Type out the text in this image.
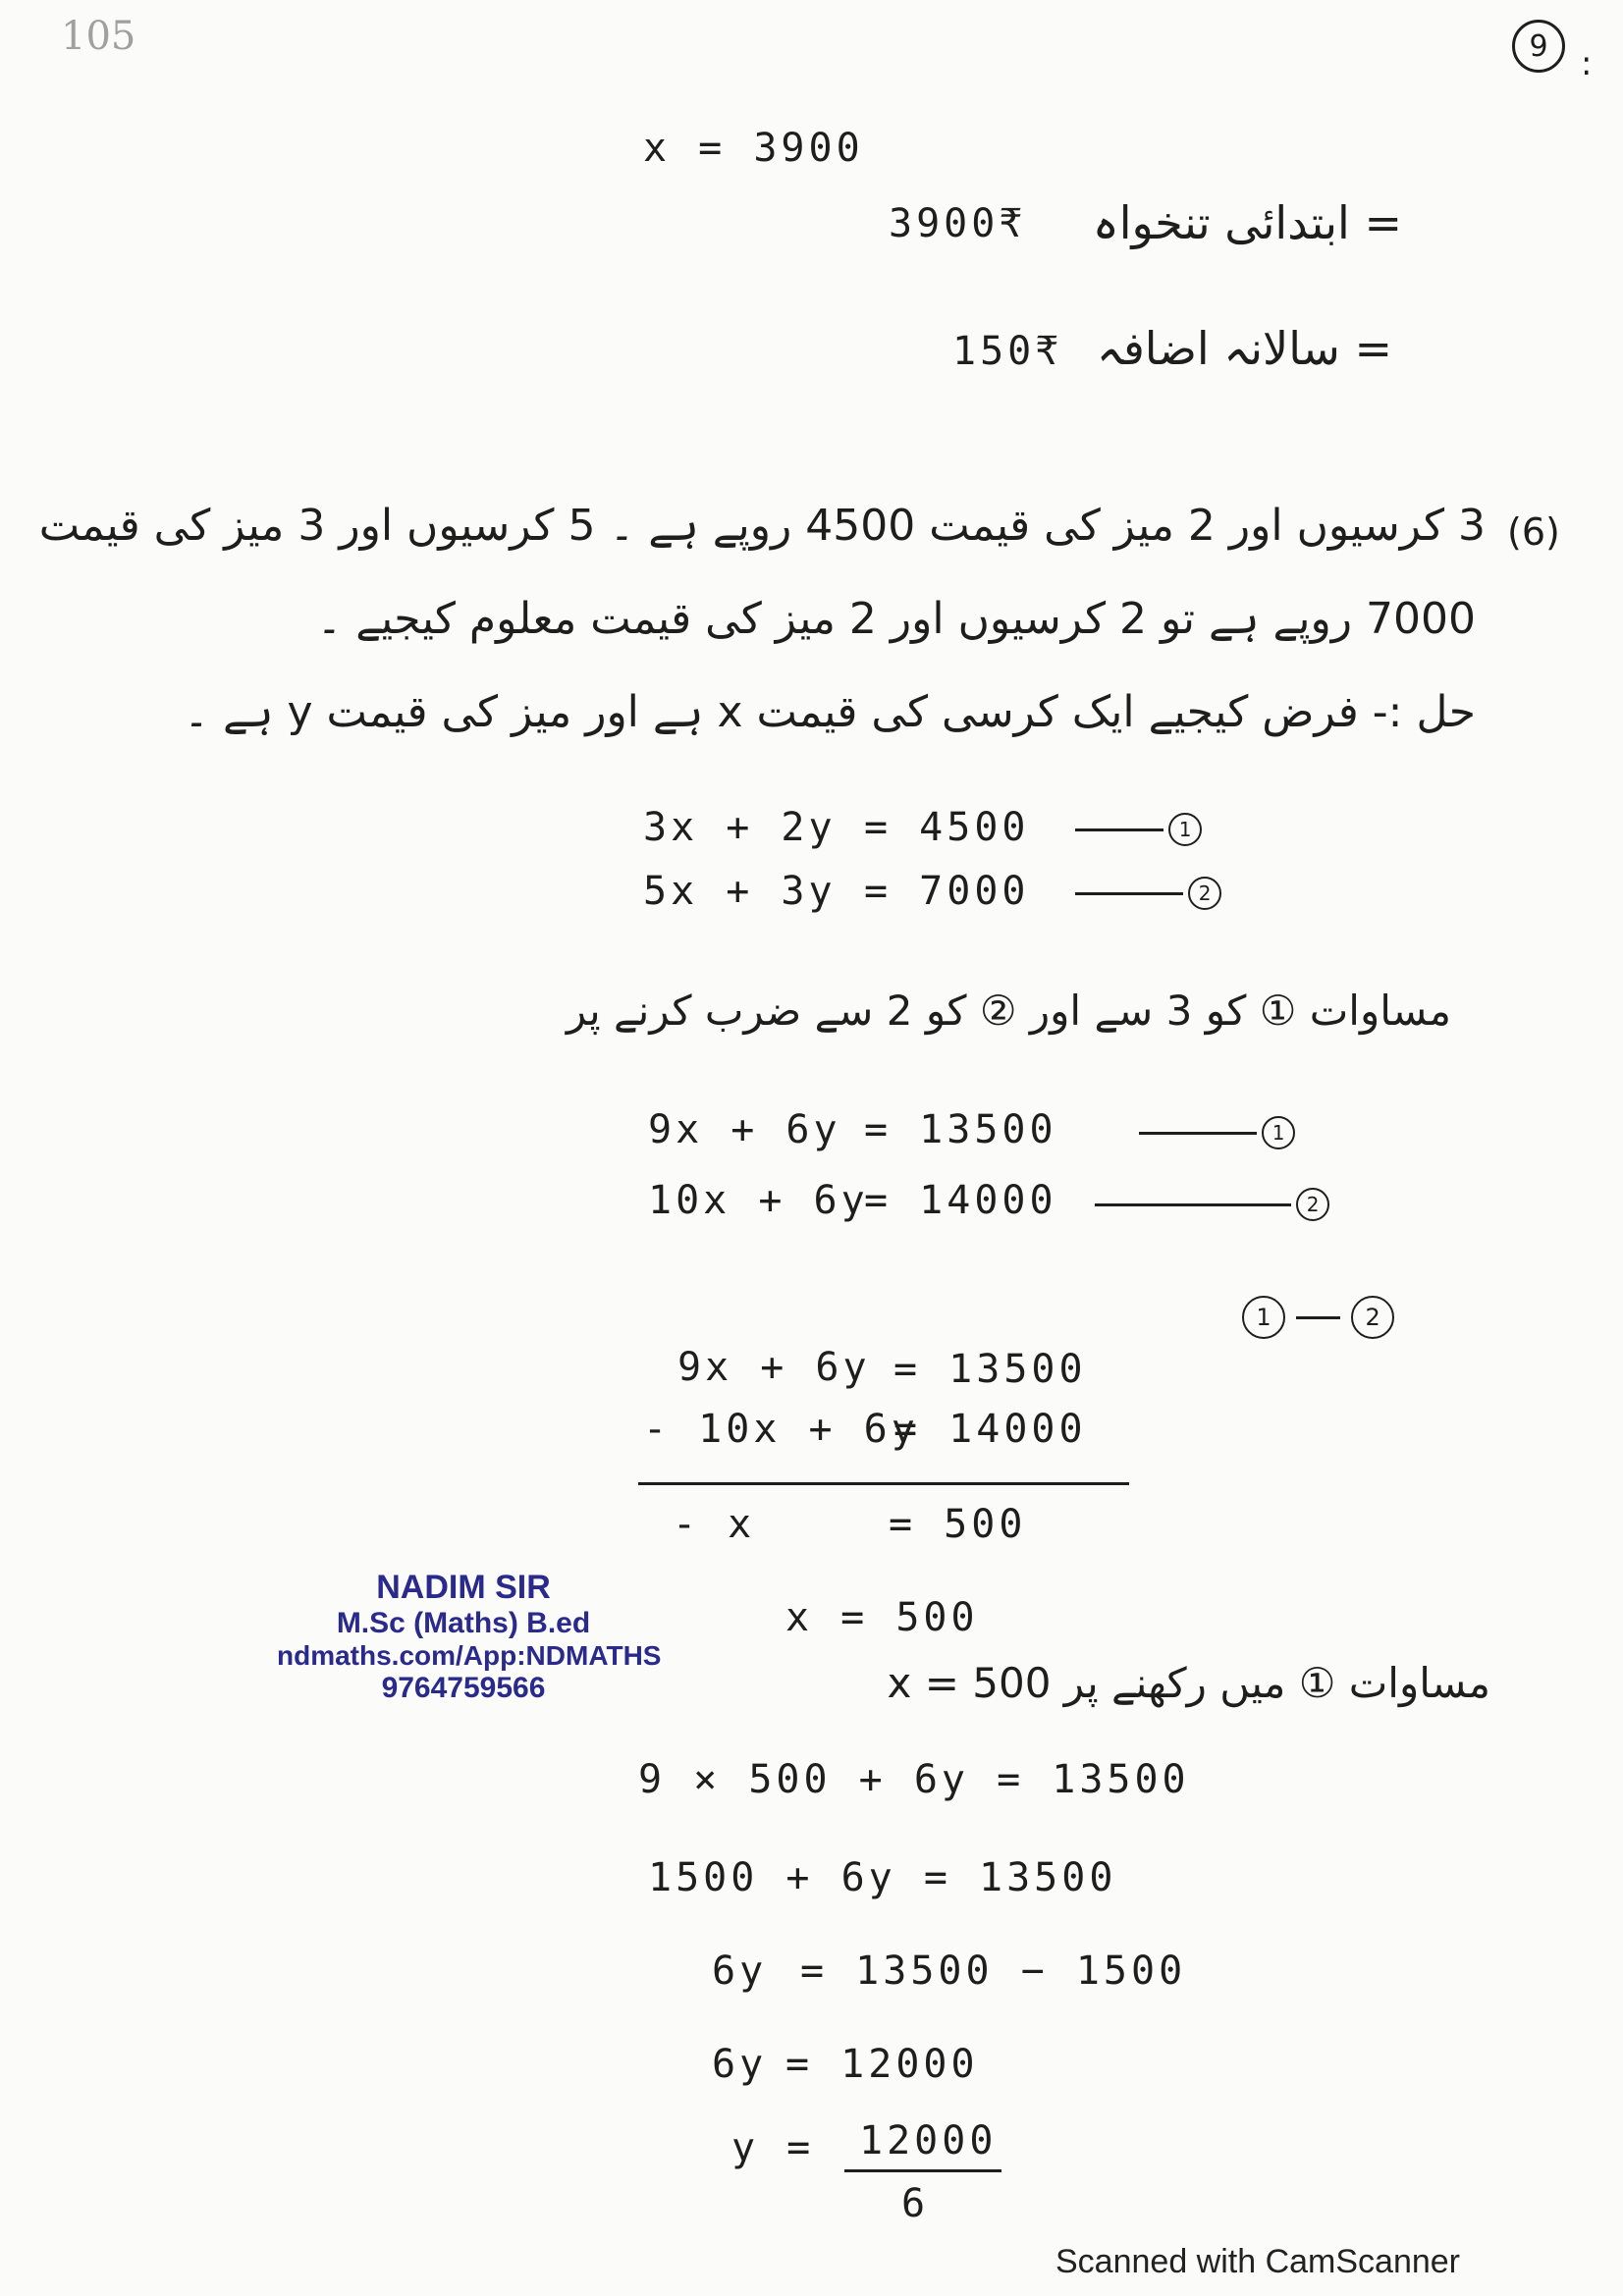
105	9 :
x = 3900
3900₹ = ابتدائی تنخواہ
150₹ = سالانہ اضافہ
(6)
3 کرسیوں اور 2 میز کی قیمت 4500 روپے ہے ۔ 5 کرسیوں اور 3 میز کی قیمت
7000 روپے ہے تو 2 کرسیوں اور 2 میز کی قیمت معلوم کیجیے ۔
حل :- فرض کیجیے ایک کرسی کی قیمت x ہے اور میز کی قیمت y ہے ۔
3x + 2y = 4500	1
5x + 3y = 7000	2
مساوات ① کو 3 سے اور ② کو 2 سے ضرب کرنے پر
9x + 6y = 13500	1
10x + 6y
= 14000	2
1	2
9x + 6y = 13500
- 10x + 6y
= 14000
- x	= 500
NADIM SIR
M.Sc (Maths) B.ed
ndmaths.com/App:NDMATHS
9764759566
x = 500
x = 500 مساوات ① میں رکھنے پر
9 × 500 + 6y = 13500
1500 + 6y = 13500
6y = 13500 − 1500
6y = 12000
y = 12000
6
Scanned with CamScanner
